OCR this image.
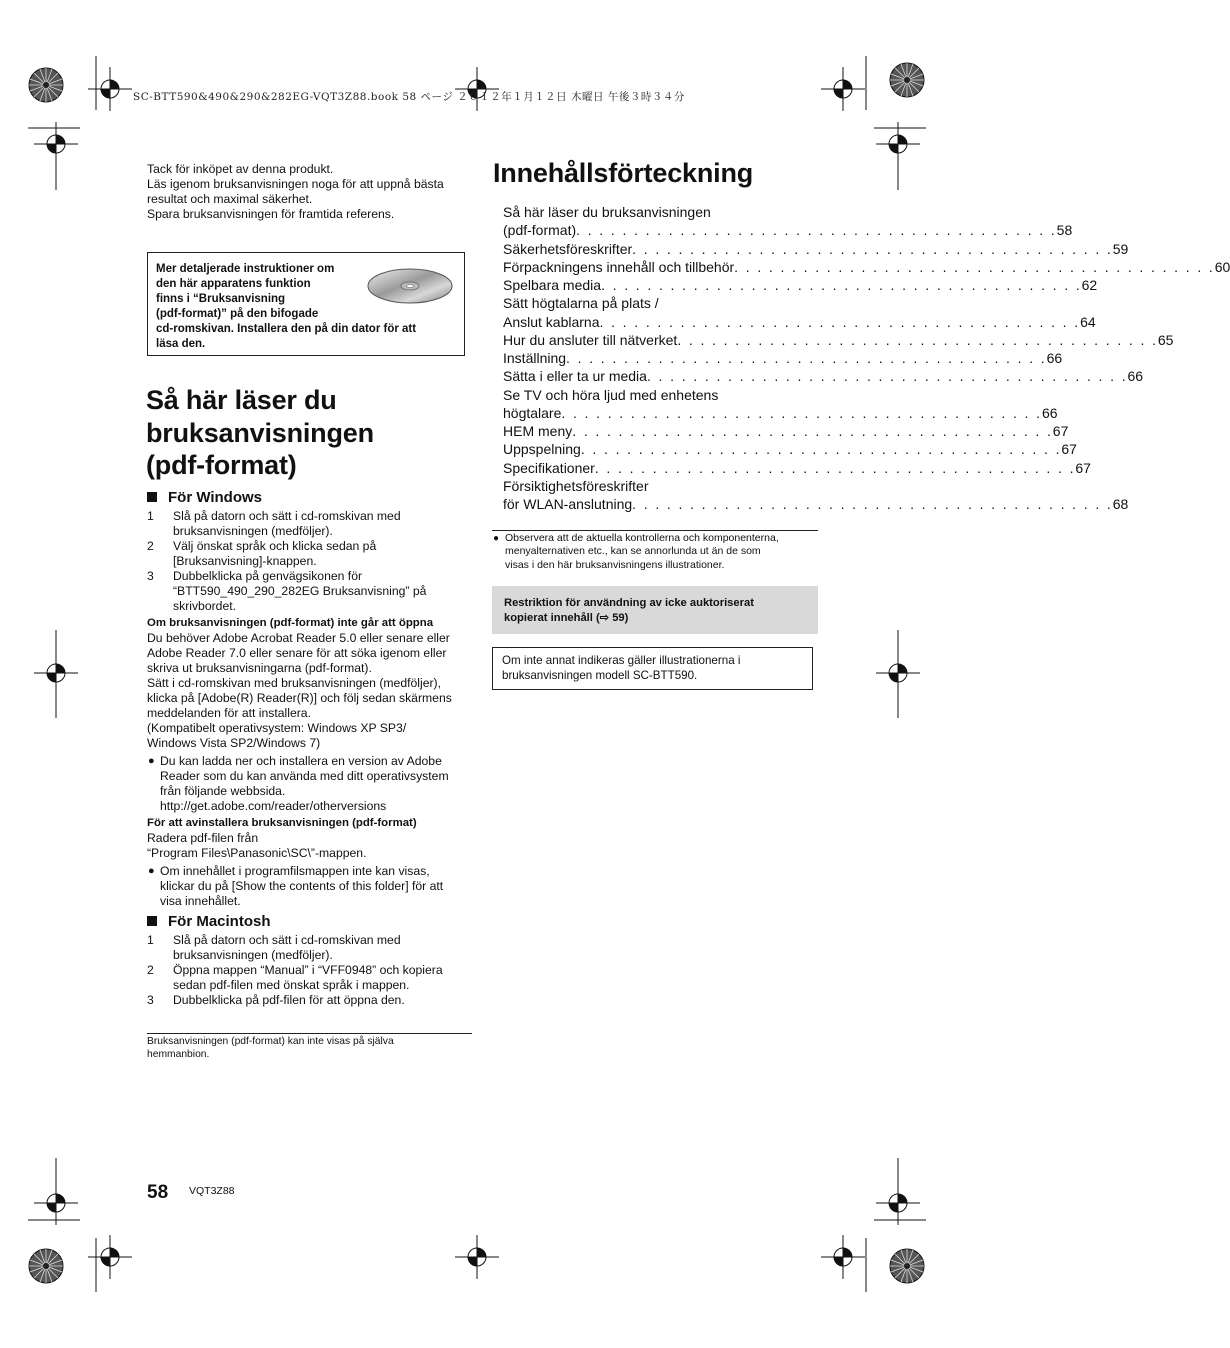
SC-BTT590&490&290&282EG-VQT3Z88.book 58 ページ ２０１２年１月１２日 木曜日 午後３時３４分
Tack för inköpet av denna produkt.
Läs igenom bruksanvisningen noga för att uppnå bästa
resultat och maximal säkerhet.
Spara bruksanvisningen för framtida referens.
Mer detaljerade instruktioner om
den här apparatens funktion
finns i “Bruksanvisning
(pdf-format)” på den bifogade
cd-romskivan. Installera den på din dator för att
läsa den.
Så här läser du
bruksanvisningen
(pdf-format)
För Windows
1 Slå på datorn och sätt i cd-romskivan med
bruksanvisningen (medföljer).
2 Välj önskat språk och klicka sedan på
[Bruksanvisning]-knappen.
3 Dubbelklicka på genvägsikonen för
“BTT590_490_290_282EG Bruksanvisning” på
skrivbordet.
Om bruksanvisningen (pdf-format) inte går att öppna
Du behöver Adobe Acrobat Reader 5.0 eller senare eller
Adobe Reader 7.0 eller senare för att söka igenom eller
skriva ut bruksanvisningarna (pdf-format).
Sätt i cd-romskivan med bruksanvisningen (medföljer),
klicka på [Adobe(R) Reader(R)] och följ sedan skärmens
meddelanden för att installera.
(Kompatibelt operativsystem: Windows XP SP3/
Windows Vista SP2/Windows 7)
● Du kan ladda ner och installera en version av Adobe
Reader som du kan använda med ditt operativsystem
från följande webbsida.
http://get.adobe.com/reader/otherversions
För att avinstallera bruksanvisningen (pdf-format)
Radera pdf-filen från
“Program Files\Panasonic\SC\”-mappen.
● Om innehållet i programfilsmappen inte kan visas,
klickar du på [Show the contents of this folder] för att
visa innehållet.
För Macintosh
1 Slå på datorn och sätt i cd-romskivan med
bruksanvisningen (medföljer).
2 Öppna mappen “Manual” i “VFF0948” och kopiera
sedan pdf-filen med önskat språk i mappen.
3 Dubbelklicka på pdf-filen för att öppna den.
Bruksanvisningen (pdf-format) kan inte visas på själva
hemmanbion.
58 VQT3Z88
Innehållsförteckning
Så här läser du bruksanvisningen
(pdf-format) . . . . . . . . . . . . . . . . . . . . . . . . . . . . . . . . . . . . . . . . . . 58
Säkerhetsföreskrifter . . . . . . . . . . . . . . . . . . . . . . . . . . . . . . . . . . . . . . . . . . 59
Förpackningens innehåll och tillbehör . . . . . . . . . . . . . . . . . . . . . . . . . . . . . . . . . . . . . . . . . . 60
Spelbara media . . . . . . . . . . . . . . . . . . . . . . . . . . . . . . . . . . . . . . . . . . 62
Sätt högtalarna på plats /
Anslut kablarna . . . . . . . . . . . . . . . . . . . . . . . . . . . . . . . . . . . . . . . . . . 64
Hur du ansluter till nätverket . . . . . . . . . . . . . . . . . . . . . . . . . . . . . . . . . . . . . . . . . . 65
Inställning . . . . . . . . . . . . . . . . . . . . . . . . . . . . . . . . . . . . . . . . . . 66
Sätta i eller ta ur media . . . . . . . . . . . . . . . . . . . . . . . . . . . . . . . . . . . . . . . . . . 66
Se TV och höra ljud med enhetens
högtalare . . . . . . . . . . . . . . . . . . . . . . . . . . . . . . . . . . . . . . . . . . 66
HEM meny . . . . . . . . . . . . . . . . . . . . . . . . . . . . . . . . . . . . . . . . . . 67
Uppspelning . . . . . . . . . . . . . . . . . . . . . . . . . . . . . . . . . . . . . . . . . . 67
Specifikationer . . . . . . . . . . . . . . . . . . . . . . . . . . . . . . . . . . . . . . . . . . 67
Försiktighetsföreskrifter
för WLAN-anslutning . . . . . . . . . . . . . . . . . . . . . . . . . . . . . . . . . . . . . . . . . . 68
● Observera att de aktuella kontrollerna och komponenterna,
menyalternativen etc., kan se annorlunda ut än de som
visas i den här bruksanvisningens illustrationer.
Restriktion för användning av icke auktoriserat
kopierat innehåll (⇨ 59)
Om inte annat indikeras gäller illustrationerna i
bruksanvisningen modell SC-BTT590.
